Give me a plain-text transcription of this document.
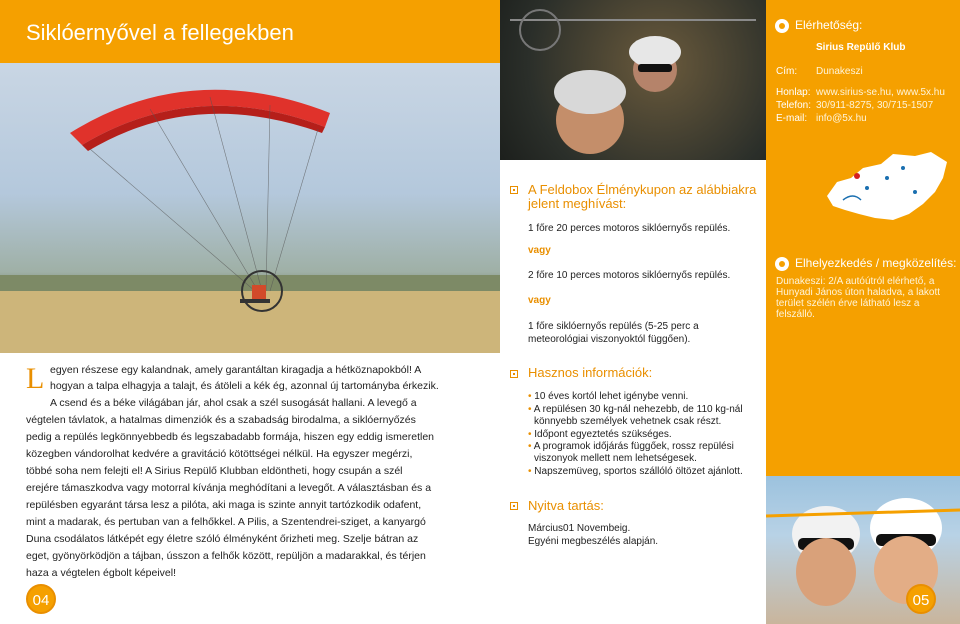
Siklóernyővel a fellegekben	Elérhetőség:
Sirius Repülő Klub
Cím: Dunakeszi
Honlap: www.sirius-se.hu, www.5x.hu
Telefon: 30/911-8275, 30/715-1507
E-mail: info@5x.hu
Elhelyezkedés / megközelítés:
Dunakeszi: 2/A autóútról elérhető, a
Hunyadi János úton haladva, a lakott
terület szélén érve látható lesz a
felszálló.
A Feldobox Élménykupon az alábbiakra
jelent meghívást:
1 főre 20 perces motoros siklóernyős repülés.
vagy
2 főre 10 perces motoros siklóernyős repülés.
vagy
1 főre siklóernyős repülés (5-25 perc a
meteorológiai viszonyoktól függően).
Hasznos információk:
• 10 éves kortól lehet igénybe venni.
• A repülésen 30 kg-nál nehezebb, de 110 kg-nál
könnyebb személyek vehetnek csak részt.
• Időpont egyeztetés szükséges.
• A programok időjárás függőek, rossz repülési
viszonyok mellett nem lehetségesek.
• Napszemüveg, sportos szállóló öltözet ajánlott.
Nyitva tartás:
Március01 Novembeig.
Egyéni megbeszélés alapján.
L egyen részese egy kalandnak, amely garantáltan kiragadja a hétköznapokból! A
hogyan a talpa elhagyja a talajt, és átöleli a kék ég, azonnal új tartományba érkezik.
A csend és a béke világában jár, ahol csak a szél susogását hallani. A levegő a
végtelen távlatok, a hatalmas dimenziók és a szabadság birodalma, a siklóernyőzés
pedig a repülés legkönnyebbedb és legszabadabb formája, hiszen egy eddig ismeretlen
közegben vándorolhat kedvére a gravitáció kötöttségei nélkül. Ha egyszer megérzi,
többé soha nem felejti el! A Sirius Repülő Klubban eldöntheti, hogy csupán a szél
erejére támaszkodva vagy motorral kívánja meghódítani a levegőt. A választásban és a
repülésben egyaránt társa lesz a pilóta, aki maga is szinte annyit tartózkodik odafent,
mint a madarak, és pertuban van a felhőkkel. A Pilis, a Szentendrei-sziget, a kanyargó
Duna csodálatos látképét egy életre szóló élményként őrizheti meg. Szelje bátran az
eget, gyönyörködjön a tájban, ússzon a felhők között, repüljön a madarakkal, és térjen
haza a végtelen égbolt képeivel!
04	05
